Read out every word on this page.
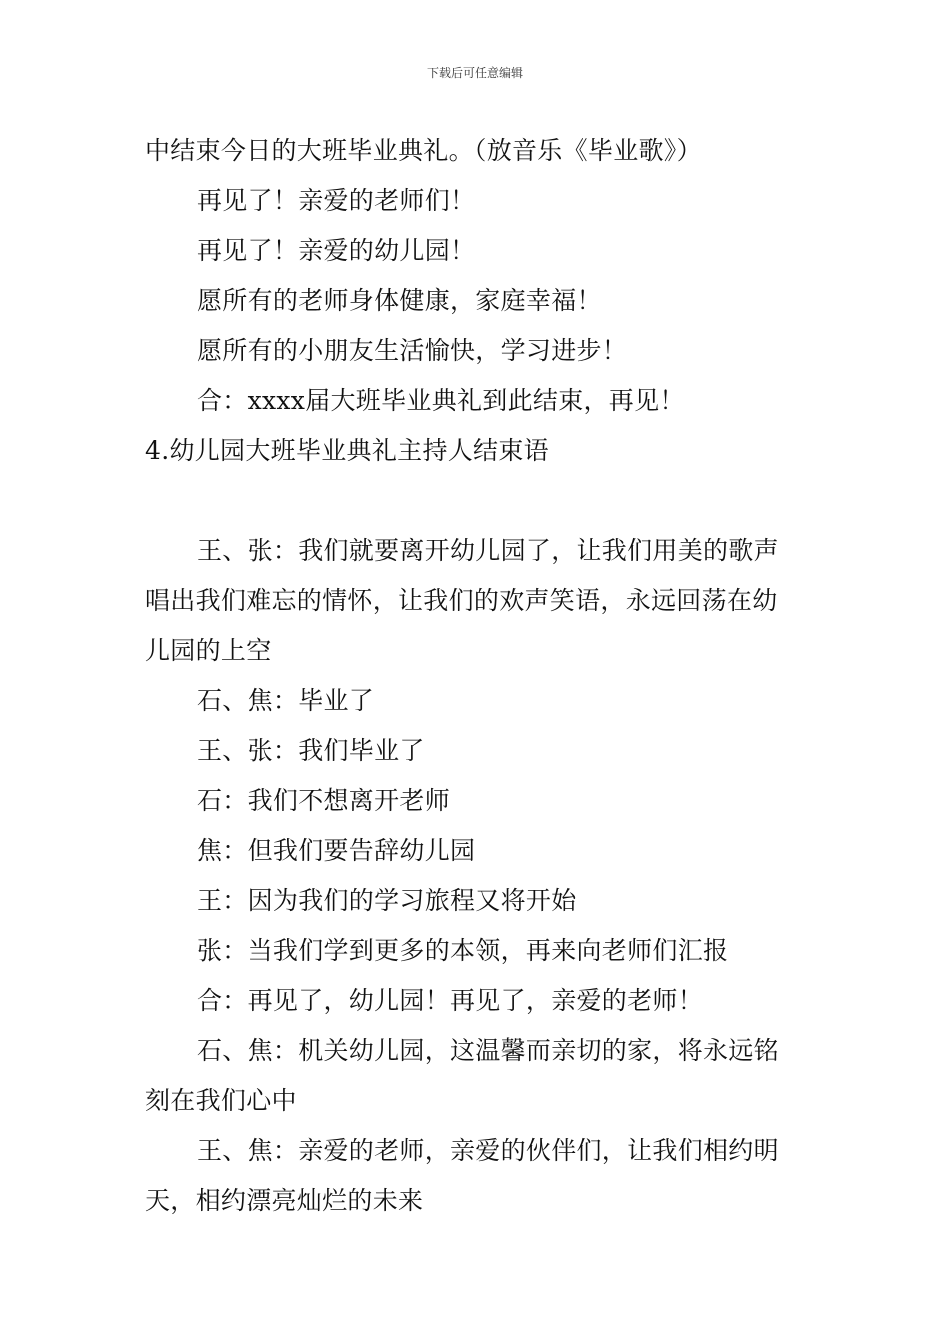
下载后可任意编辑
中结束今日的大班毕业典礼。（放音乐《毕业歌》）
再见了！亲爱的老师们！
再见了！亲爱的幼儿园！
愿所有的老师身体健康，家庭幸福！
愿所有的小朋友生活愉快，学习进步！
合：xxxx届大班毕业典礼到此结束，再见！
4.幼儿园大班毕业典礼主持人结束语
王、张：我们就要离开幼儿园了，让我们用美的歌声
唱出我们难忘的情怀，让我们的欢声笑语，永远回荡在幼
儿园的上空
石、焦：毕业了
王、张：我们毕业了
石：我们不想离开老师
焦：但我们要告辞幼儿园
王：因为我们的学习旅程又将开始
张：当我们学到更多的本领，再来向老师们汇报
合：再见了，幼儿园！再见了，亲爱的老师！
石、焦：机关幼儿园，这温馨而亲切的家，将永远铭
刻在我们心中
王、焦：亲爱的老师，亲爱的伙伴们，让我们相约明
天，相约漂亮灿烂的未来
